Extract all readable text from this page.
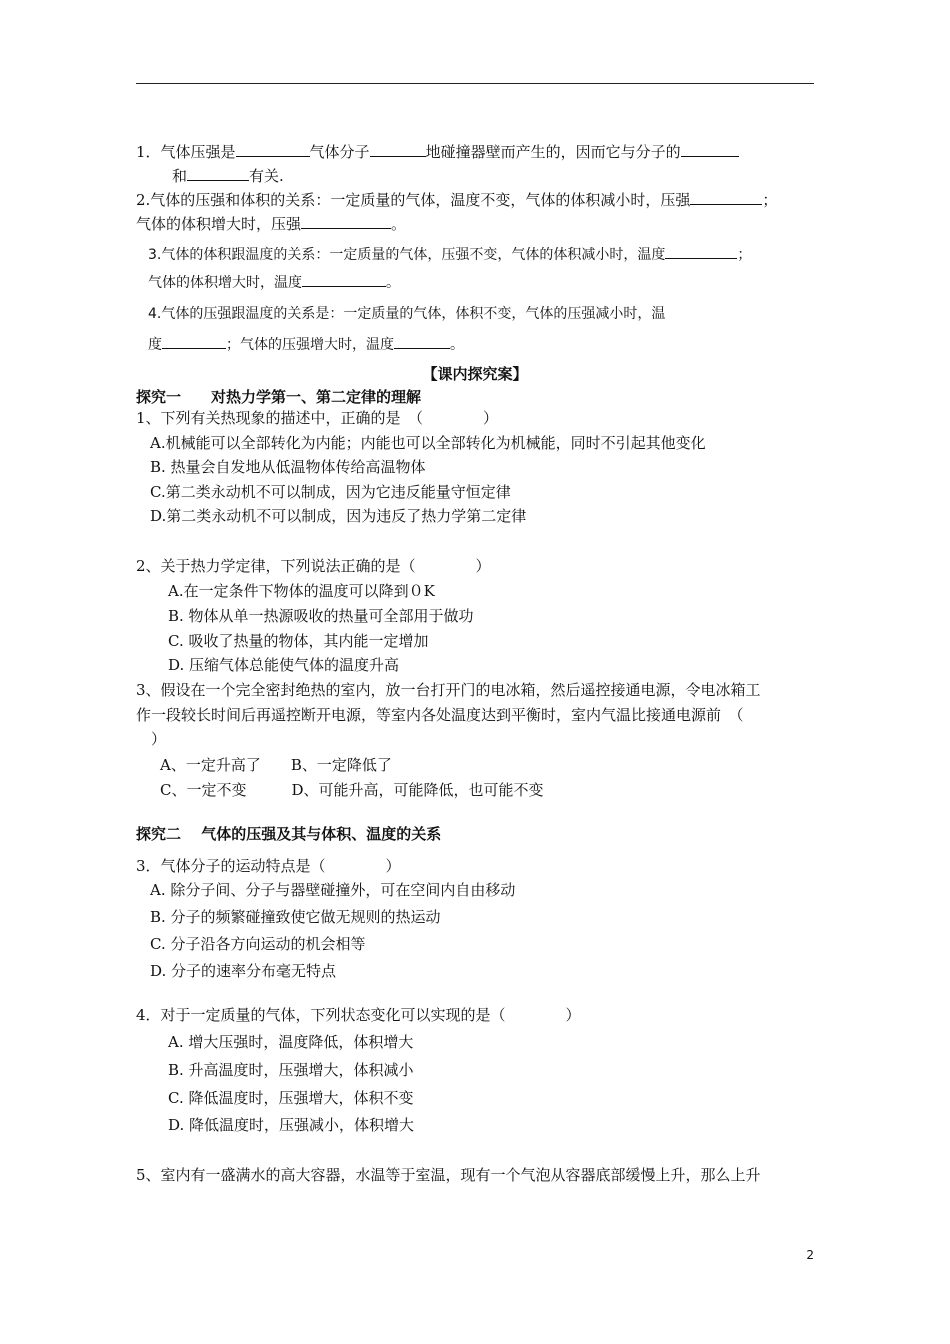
1．气体压强是	气体分子	地碰撞器壁而产生的，因而它与分子的
和	有关.
2.气体的压强和体积的关系：一定质量的气体，温度不变，气体的体积减小时，压强	；
气体的体积增大时，压强	。
3.气体的体积跟温度的关系：一定质量的气体，压强不变，气体的体积减小时，温度	；
气体的体积增大时，温度	。
4.气体的压强跟温度的关系是：一定质量的气体，体积不变，气体的压强减小时，温
度	；气体的压强增大时，温度	。
【课内探究案】
探究一　　对热力学第一、第二定律的理解
1、下列有关热现象的描述中，正确的是　（　　　　）
A.机械能可以全部转化为内能；内能也可以全部转化为机械能，同时不引起其他变化
B. 热量会自发地从低温物体传给高温物体
C.第二类永动机不可以制成，因为它违反能量守恒定律
D.第二类永动机不可以制成，因为违反了热力学第二定律
2、关于热力学定律，下列说法正确的是（　　　　）
A.在一定条件下物体的温度可以降到０K
B. 物体从单一热源吸收的热量可全部用于做功
C. 吸收了热量的物体，其内能一定增加
D. 压缩气体总能使气体的温度升高
3、假设在一个完全密封绝热的室内，放一台打开门的电冰箱，然后遥控接通电源，令电冰箱工
作一段较长时间后再遥控断开电源，等室内各处温度达到平衡时，室内气温比接通电源前　（
　）
A、一定升高了　　B、一定降低了
C、一定不变　　　D、可能升高，可能降低，也可能不变
探究二　 气体的压强及其与体积、温度的关系
3．气体分子的运动特点是（　　　　）
A. 除分子间、分子与器壁碰撞外，可在空间内自由移动
B. 分子的频繁碰撞致使它做无规则的热运动
C. 分子沿各方向运动的机会相等
D. 分子的速率分布毫无特点
4．对于一定质量的气体，下列状态变化可以实现的是（　　　　）
A. 增大压强时，温度降低，体积增大
B. 升高温度时，压强增大，体积减小
C. 降低温度时，压强增大，体积不变
D. 降低温度时，压强减小，体积增大
5、室内有一盛满水的高大容器，水温等于室温，现有一个气泡从容器底部缓慢上升，那么上升
2
